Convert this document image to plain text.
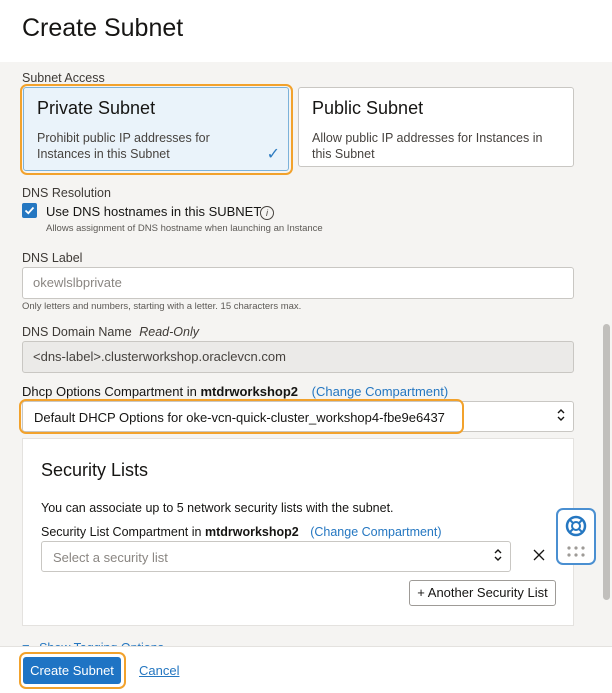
Create Subnet
Subnet Access
Private Subnet
Prohibit public IP addresses for Instances in this Subnet	✓
Public Subnet
Allow public IP addresses for Instances in this Subnet
DNS Resolution
Use DNS hostnames in this SUBNET i
Allows assignment of DNS hostname when launching an Instance
DNS Label
okewlslbprivate
Only letters and numbers, starting with a letter. 15 characters max.
DNS Domain Name Read-Only
<dns-label>.clusterworkshop.oraclevcn.com
Dhcp Options Compartment in mtdrworkshop2 (Change Compartment)
Default DHCP Options for oke-vcn-quick-cluster_workshop4-fbe9e6437
Security Lists
You can associate up to 5 network security lists with the subnet.
Security List Compartment in mtdrworkshop2 (Change Compartment)
Select a security list
+ Another Security List
Create Subnet	Cancel
